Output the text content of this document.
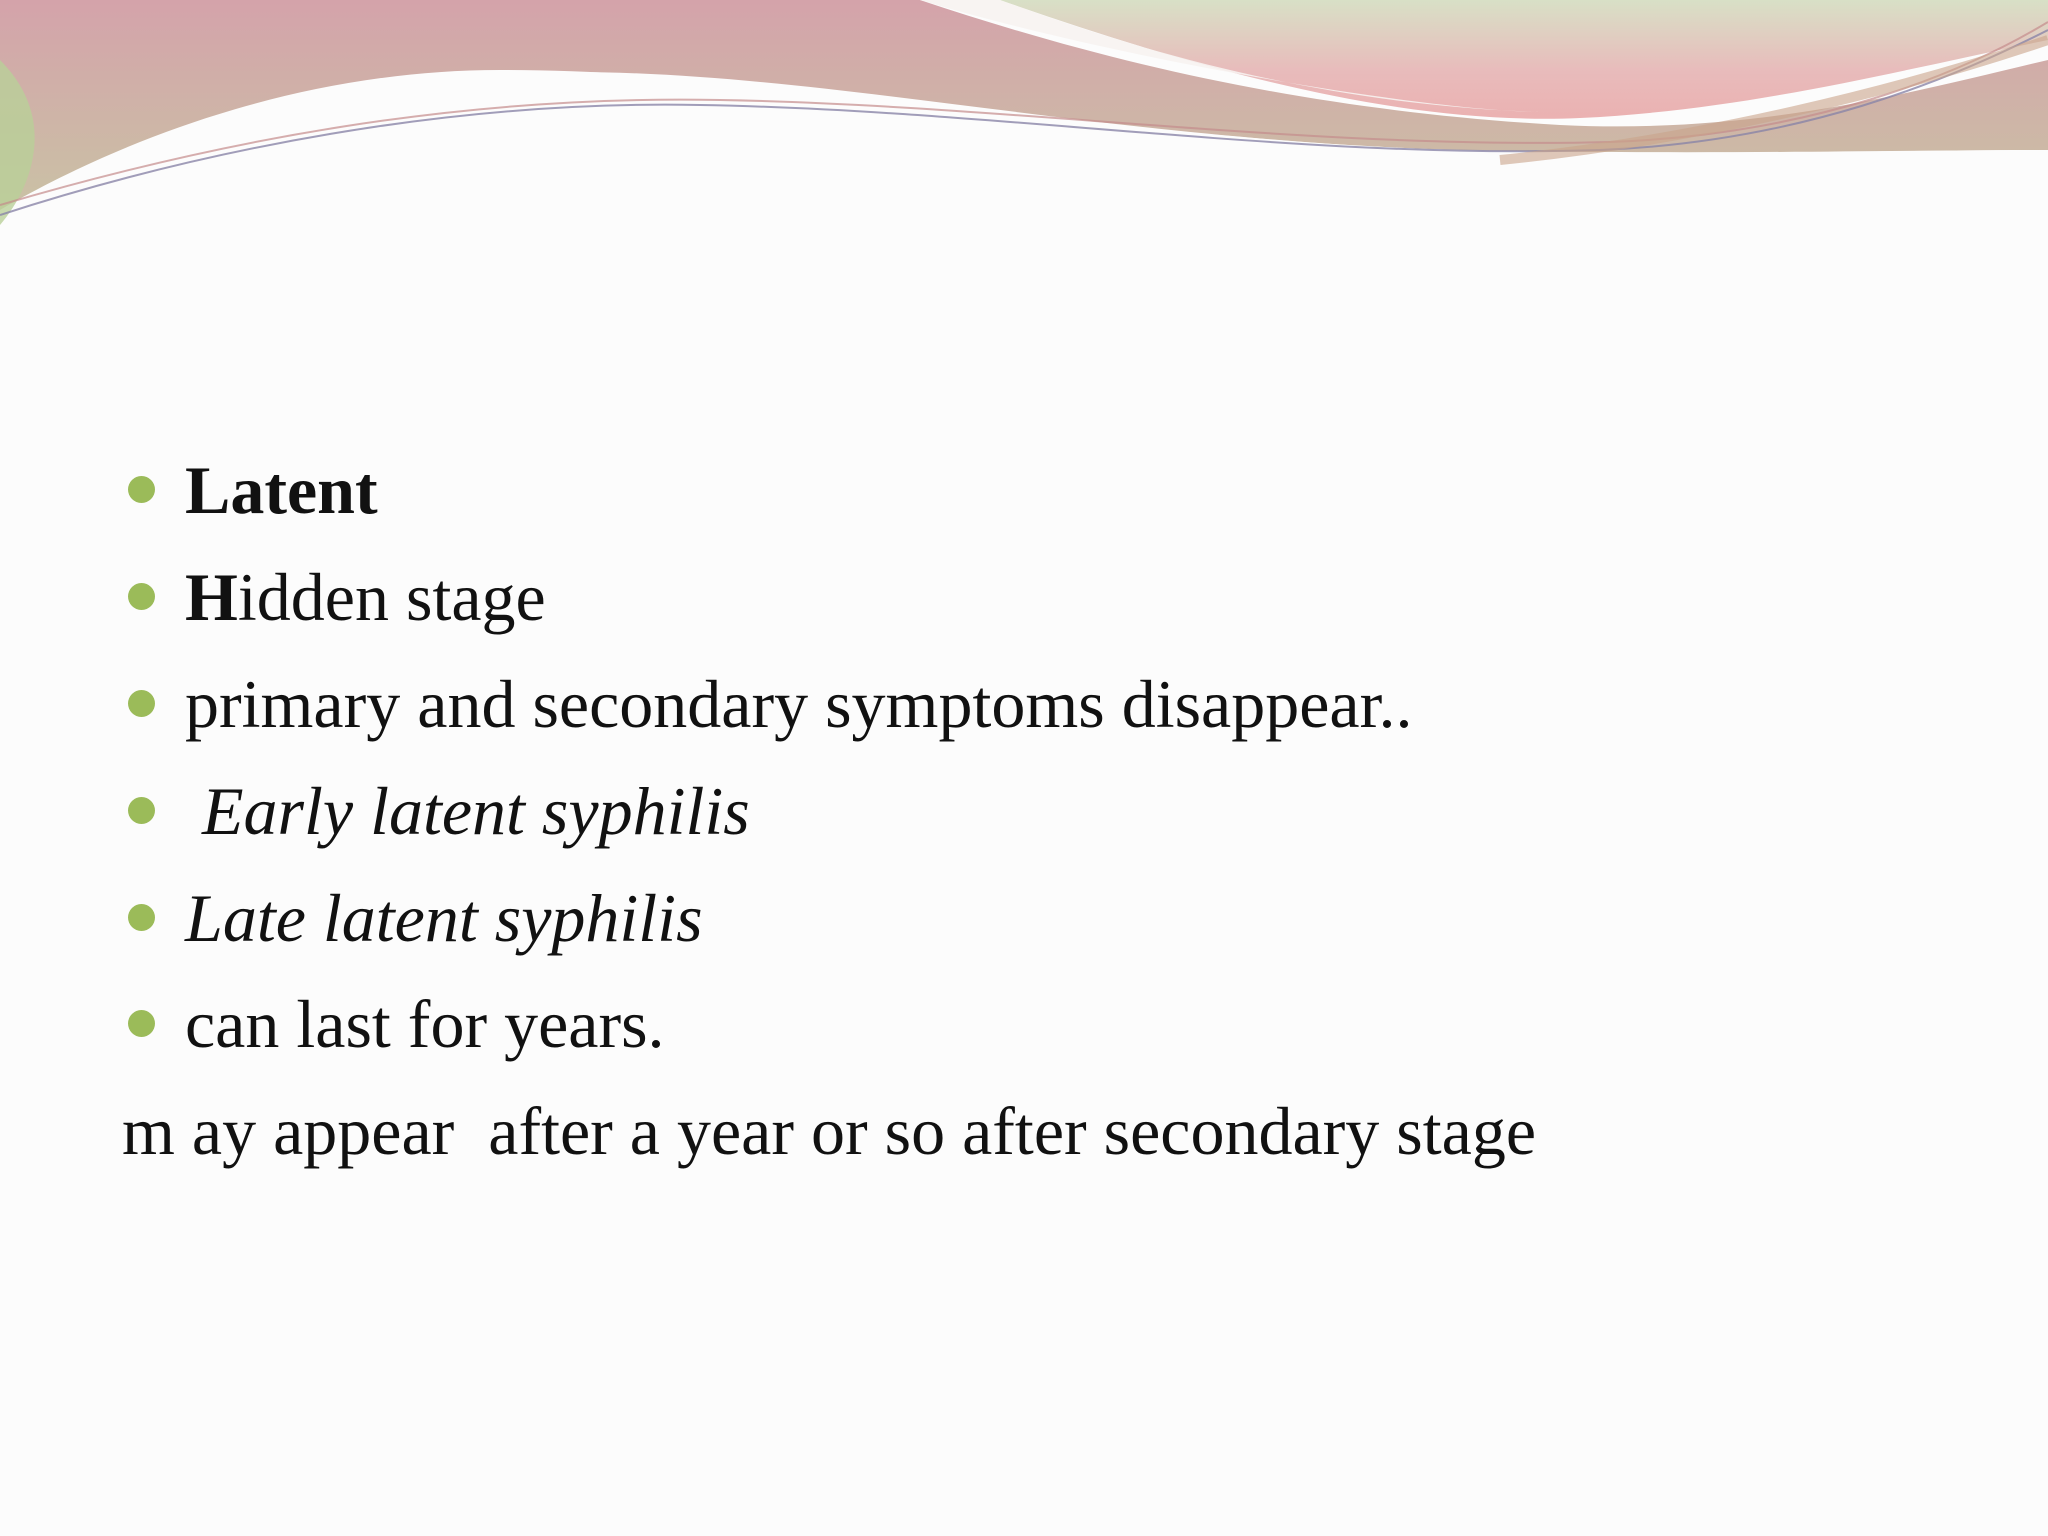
Latent
Hidden stage
primary and secondary symptoms disappear..
Early latent syphilis
Late latent syphilis
can last for years.
m ay appear  after a year or so after secondary stage
